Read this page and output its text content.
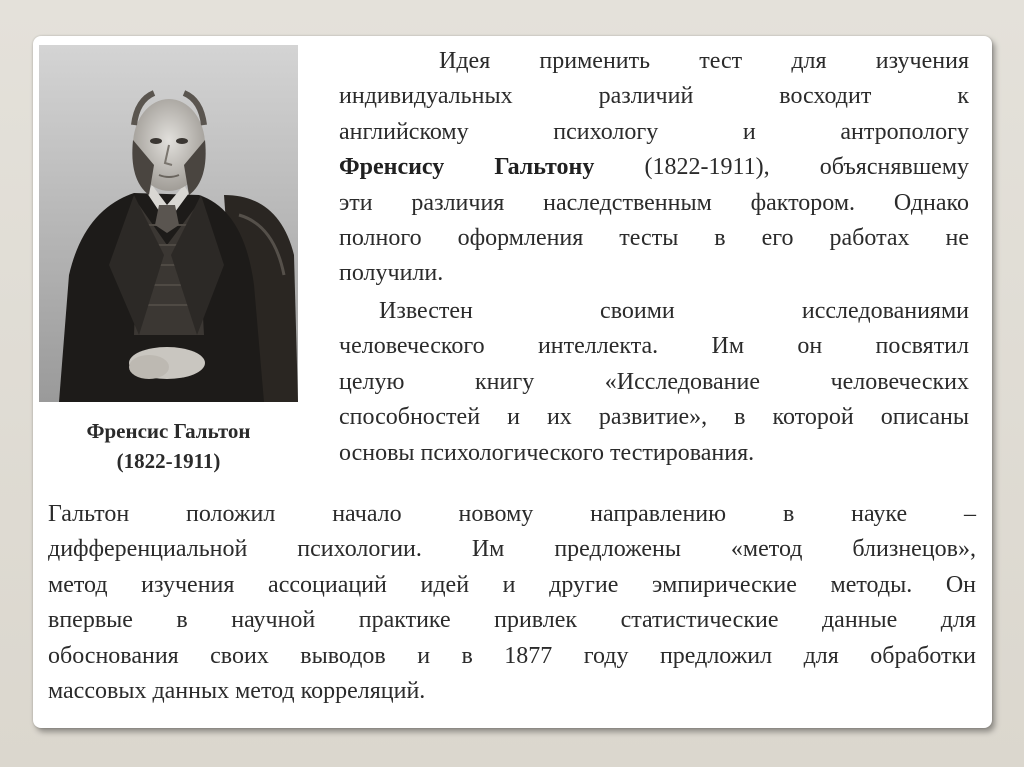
Френсис Гальтон
(1822-1911)
Идея применить тест для изучения
индивидуальных различий восходит к
английскому психологу и антропологу
Френсису Гальтону (1822-1911), объяснявшему
эти различия наследственным фактором. Однако
полного оформления тесты в его работах не
получили.
Известен своими исследованиями
человеческого интеллекта. Им он посвятил
целую книгу «Исследование человеческих
способностей и их развитие», в которой описаны
основы психологического тестирования.
Гальтон положил начало новому направлению в науке –
дифференциальной психологии. Им предложены «метод близнецов»,
метод изучения ассоциаций идей и другие эмпирические методы. Он
впервые в научной практике привлек статистические данные для
обоснования своих выводов и в 1877 году предложил для обработки
массовых данных метод корреляций.
